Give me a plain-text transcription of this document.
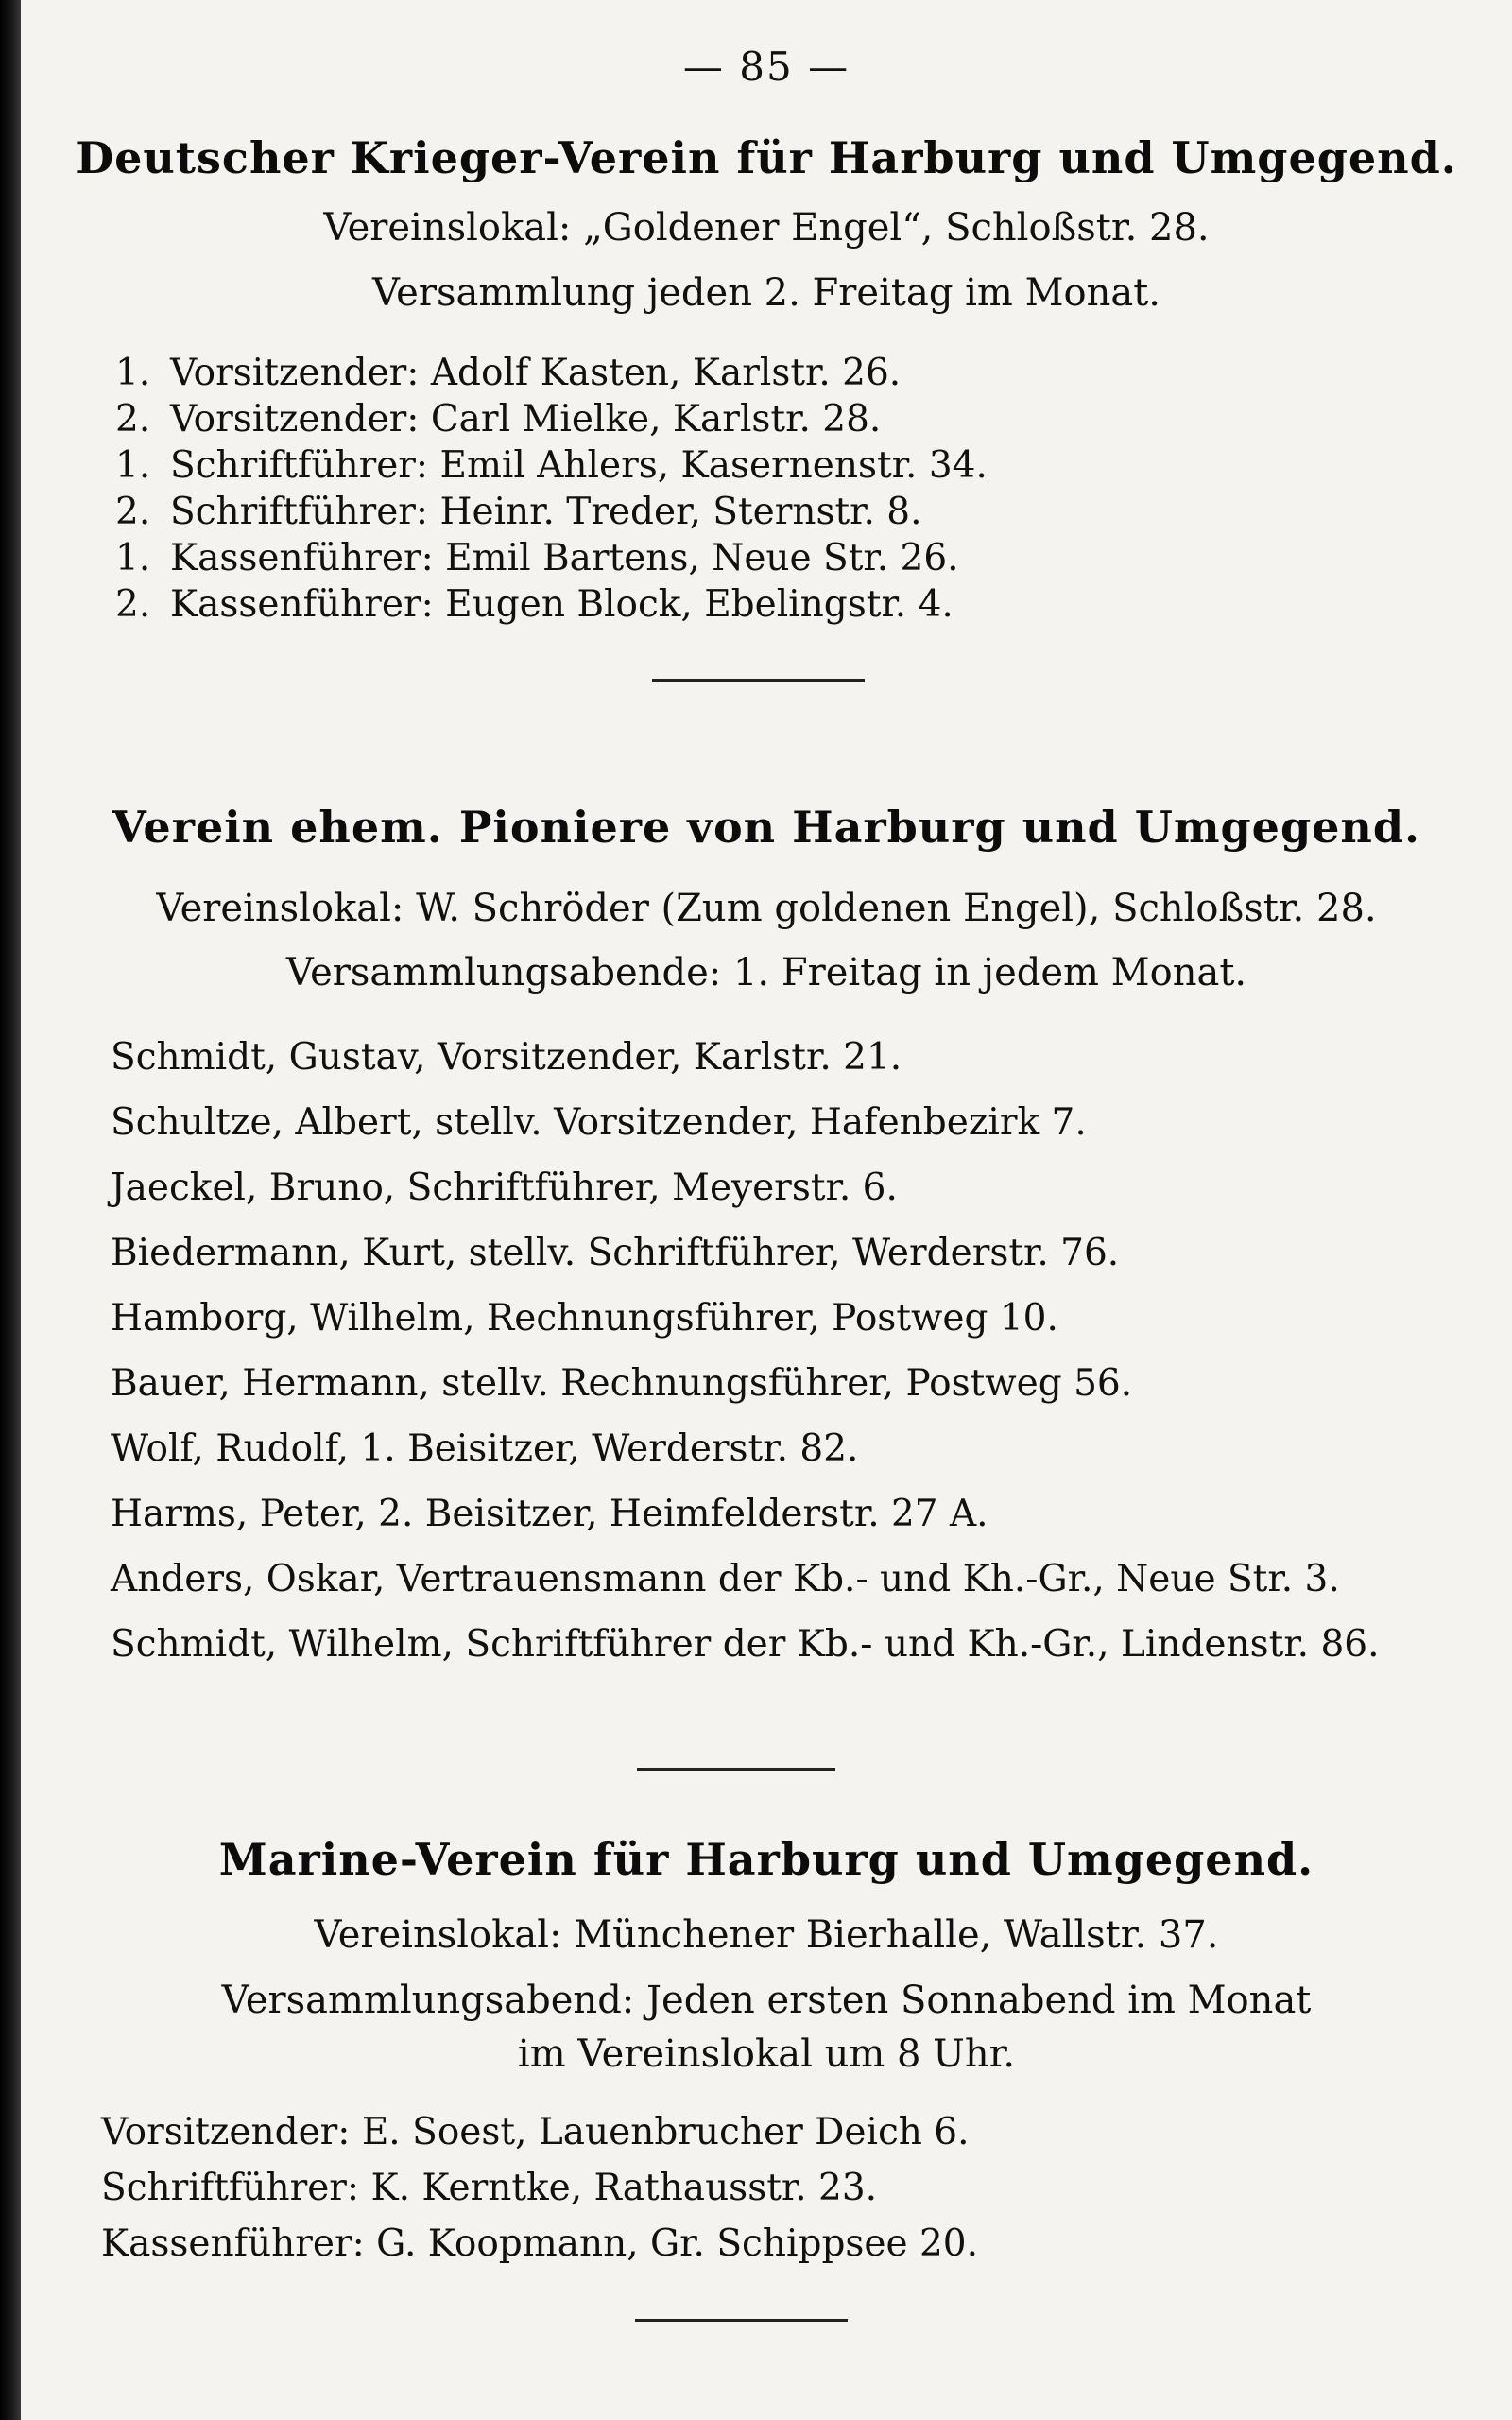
— 85 —
Deutscher Krieger-Verein für Harburg und Umgegend.
Vereinslokal: „Goldener Engel“, Schloßstr. 28.
Versammlung jeden 2. Freitag im Monat.
1. Vorsitzender: Adolf Kasten, Karlstr. 26.
2. Vorsitzender: Carl Mielke, Karlstr. 28.
1. Schriftführer: Emil Ahlers, Kasernenstr. 34.
2. Schriftführer: Heinr. Treder, Sternstr. 8.
1. Kassenführer: Emil Bartens, Neue Str. 26.
2. Kassenführer: Eugen Block, Ebelingstr. 4.
Verein ehem. Pioniere von Harburg und Umgegend.
Vereinslokal: W. Schröder (Zum goldenen Engel), Schloßstr. 28.
Versammlungsabende: 1. Freitag in jedem Monat.
Schmidt, Gustav, Vorsitzender, Karlstr. 21.
Schultze, Albert, stellv. Vorsitzender, Hafenbezirk 7.
Jaeckel, Bruno, Schriftführer, Meyerstr. 6.
Biedermann, Kurt, stellv. Schriftführer, Werderstr. 76.
Hamborg, Wilhelm, Rechnungsführer, Postweg 10.
Bauer, Hermann, stellv. Rechnungsführer, Postweg 56.
Wolf, Rudolf, 1. Beisitzer, Werderstr. 82.
Harms, Peter, 2. Beisitzer, Heimfelderstr. 27 A.
Anders, Oskar, Vertrauensmann der Kb.- und Kh.-Gr., Neue Str. 3.
Schmidt, Wilhelm, Schriftführer der Kb.- und Kh.-Gr., Lindenstr. 86.
Marine-Verein für Harburg und Umgegend.
Vereinslokal: Münchener Bierhalle, Wallstr. 37.
Versammlungsabend: Jeden ersten Sonnabend im Monat
im Vereinslokal um 8 Uhr.
Vorsitzender: E. Soest, Lauenbrucher Deich 6.
Schriftführer: K. Kerntke, Rathausstr. 23.
Kassenführer: G. Koopmann, Gr. Schippsee 20.
